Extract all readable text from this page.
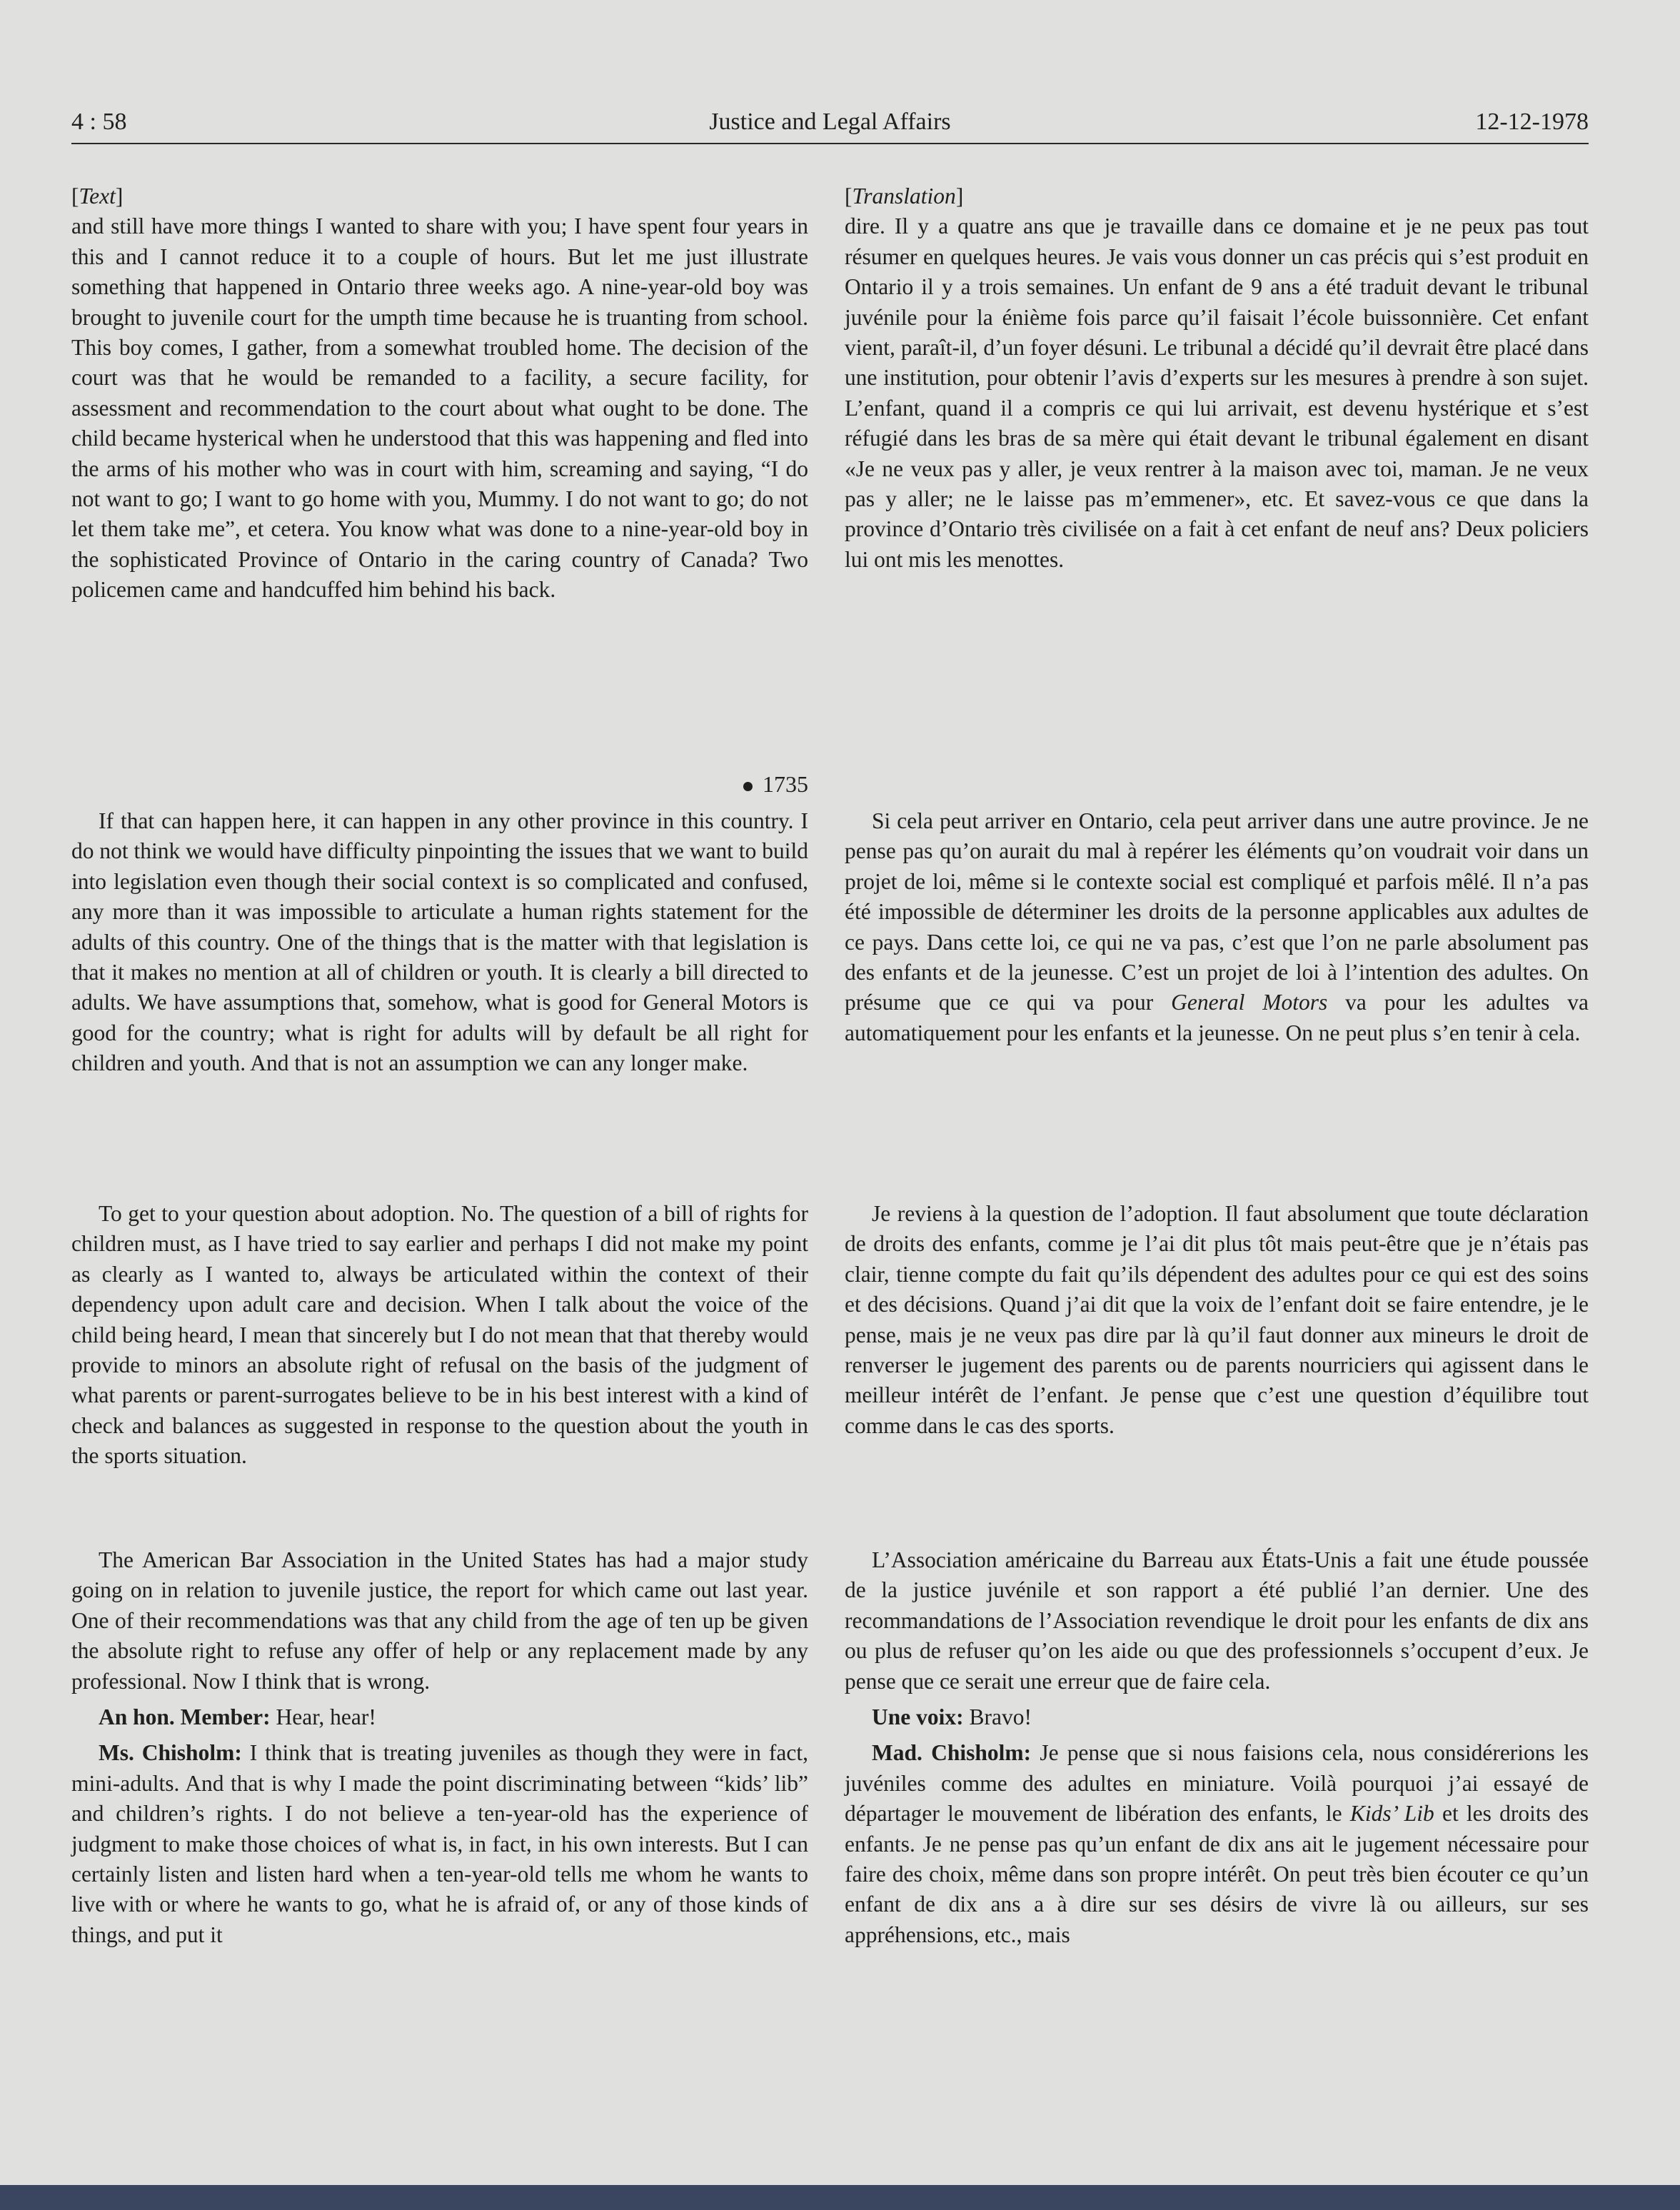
4 : 58	Justice and Legal Affairs	12-12-1978

[Text]

and still have more things I wanted to share with you; I have spent four years in this and I cannot reduce it to a couple of hours. But let me just illustrate something that happened in Ontario three weeks ago. A nine-year-old boy was brought to juvenile court for the umpth time because he is truanting from school. This boy comes, I gather, from a somewhat troubled home. The decision of the court was that he would be remanded to a facility, a secure facility, for assessment and recommendation to the court about what ought to be done. The child became hysterical when he understood that this was happening and fled into the arms of his mother who was in court with him, screaming and saying, “I do not want to go; I want to go home with you, Mummy. I do not want to go; do not let them take me”, et cetera. You know what was done to a nine-year-old boy in the sophisticated Province of Ontario in the caring country of Canada? Two policemen came and handcuffed him behind his back.

1735

If that can happen here, it can happen in any other province in this country. I do not think we would have difficulty pinpointing the issues that we want to build into legislation even though their social context is so complicated and confused, any more than it was impossible to articulate a human rights statement for the adults of this country. One of the things that is the matter with that legislation is that it makes no mention at all of children or youth. It is clearly a bill directed to adults. We have assumptions that, somehow, what is good for General Motors is good for the country; what is right for adults will by default be all right for children and youth. And that is not an assumption we can any longer make.

To get to your question about adoption. No. The question of a bill of rights for children must, as I have tried to say earlier and perhaps I did not make my point as clearly as I wanted to, always be articulated within the context of their dependency upon adult care and decision. When I talk about the voice of the child being heard, I mean that sincerely but I do not mean that that thereby would provide to minors an absolute right of refusal on the basis of the judgment of what parents or parent-surrogates believe to be in his best interest with a kind of check and balances as suggested in response to the question about the youth in the sports situation.

The American Bar Association in the United States has had a major study going on in relation to juvenile justice, the report for which came out last year. One of their recommendations was that any child from the age of ten up be given the absolute right to refuse any offer of help or any replacement made by any professional. Now I think that is wrong.

An hon. Member: Hear, hear!

Ms. Chisholm: I think that is treating juveniles as though they were in fact, mini-adults. And that is why I made the point discriminating between “kids’ lib” and children’s rights. I do not believe a ten-year-old has the experience of judgment to make those choices of what is, in fact, in his own interests. But I can certainly listen and listen hard when a ten-year-old tells me whom he wants to live with or where he wants to go, what he is afraid of, or any of those kinds of things, and put it

[Translation]

dire. Il y a quatre ans que je travaille dans ce domaine et je ne peux pas tout résumer en quelques heures. Je vais vous donner un cas précis qui s’est produit en Ontario il y a trois semaines. Un enfant de 9 ans a été traduit devant le tribunal juvénile pour la énième fois parce qu’il faisait l’école buissonnière. Cet enfant vient, paraît-il, d’un foyer désuni. Le tribunal a décidé qu’il devrait être placé dans une institution, pour obtenir l’avis d’experts sur les mesures à prendre à son sujet. L’enfant, quand il a compris ce qui lui arrivait, est devenu hystérique et s’est réfugié dans les bras de sa mère qui était devant le tribunal également en disant «Je ne veux pas y aller, je veux rentrer à la maison avec toi, maman. Je ne veux pas y aller; ne le laisse pas m’emmener», etc. Et savez-vous ce que dans la province d’Ontario très civilisée on a fait à cet enfant de neuf ans? Deux policiers lui ont mis les menottes.

Si cela peut arriver en Ontario, cela peut arriver dans une autre province. Je ne pense pas qu’on aurait du mal à repérer les éléments qu’on voudrait voir dans un projet de loi, même si le contexte social est compliqué et parfois mêlé. Il n’a pas été impossible de déterminer les droits de la personne applicables aux adultes de ce pays. Dans cette loi, ce qui ne va pas, c’est que l’on ne parle absolument pas des enfants et de la jeunesse. C’est un projet de loi à l’intention des adultes. On présume que ce qui va pour General Motors va pour les adultes va automatiquement pour les enfants et la jeunesse. On ne peut plus s’en tenir à cela.

Je reviens à la question de l’adoption. Il faut absolument que toute déclaration de droits des enfants, comme je l’ai dit plus tôt mais peut-être que je n’étais pas clair, tienne compte du fait qu’ils dépendent des adultes pour ce qui est des soins et des décisions. Quand j’ai dit que la voix de l’enfant doit se faire entendre, je le pense, mais je ne veux pas dire par là qu’il faut donner aux mineurs le droit de renverser le jugement des parents ou de parents nourriciers qui agissent dans le meilleur intérêt de l’enfant. Je pense que c’est une question d’équilibre tout comme dans le cas des sports.

L’Association américaine du Barreau aux États-Unis a fait une étude poussée de la justice juvénile et son rapport a été publié l’an dernier. Une des recommandations de l’Association revendique le droit pour les enfants de dix ans ou plus de refuser qu’on les aide ou que des professionnels s’occupent d’eux. Je pense que ce serait une erreur que de faire cela.

Une voix: Bravo!

Mad. Chisholm: Je pense que si nous faisions cela, nous considérerions les juvéniles comme des adultes en miniature. Voilà pourquoi j’ai essayé de départager le mouvement de libération des enfants, le Kids’ Lib et les droits des enfants. Je ne pense pas qu’un enfant de dix ans ait le jugement nécessaire pour faire des choix, même dans son propre intérêt. On peut très bien écouter ce qu’un enfant de dix ans a à dire sur ses désirs de vivre là ou ailleurs, sur ses appréhensions, etc., mais
